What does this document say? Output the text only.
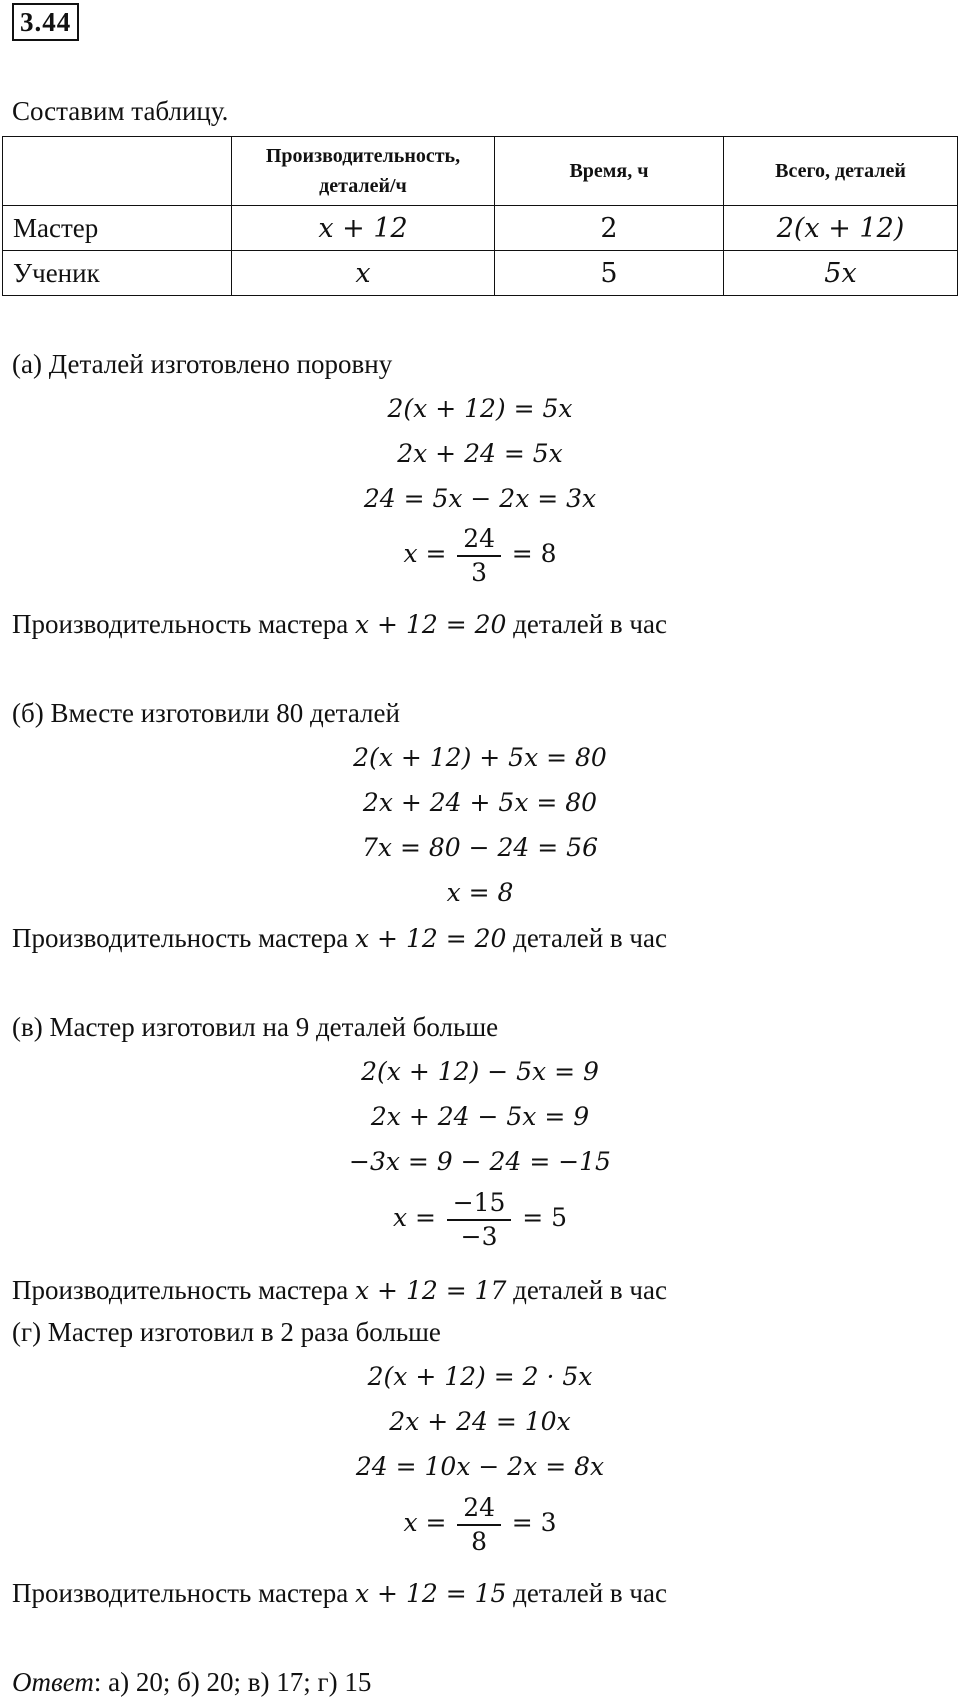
3.44
Составим таблицу.
	Производительность,
деталей/ч	Время, ч	Всего, деталей
Мастер	x + 12	2	2(x + 12)
Ученик	x	5	5x
(а) Деталей изготовлено поровну
2(x + 12) = 5x
2x + 24 = 5x
24 = 5x − 2x = 3x
$x = \frac{24}{3} = 8$
Производительность мастера x + 12 = 20 деталей в час
(б) Вместе изготовили 80 деталей
2(x + 12) + 5x = 80
2x + 24 + 5x = 80
7x = 80 − 24 = 56
x = 8
Производительность мастера x + 12 = 20 деталей в час
(в) Мастер изготовил на 9 деталей больше
2(x + 12) − 5x = 9
2x + 24 − 5x = 9
−3x = 9 − 24 = −15
$x = \frac{-15}{-3} = 5$
Производительность мастера x + 12 = 17 деталей в час
(г) Мастер изготовил в 2 раза больше
2(x + 12) = 2 · 5x
2x + 24 = 10x
24 = 10x − 2x = 8x
$x = \frac{24}{8} = 3$
Производительность мастера x + 12 = 15 деталей в час
Ответ: а) 20; б) 20; в) 17; г) 15
